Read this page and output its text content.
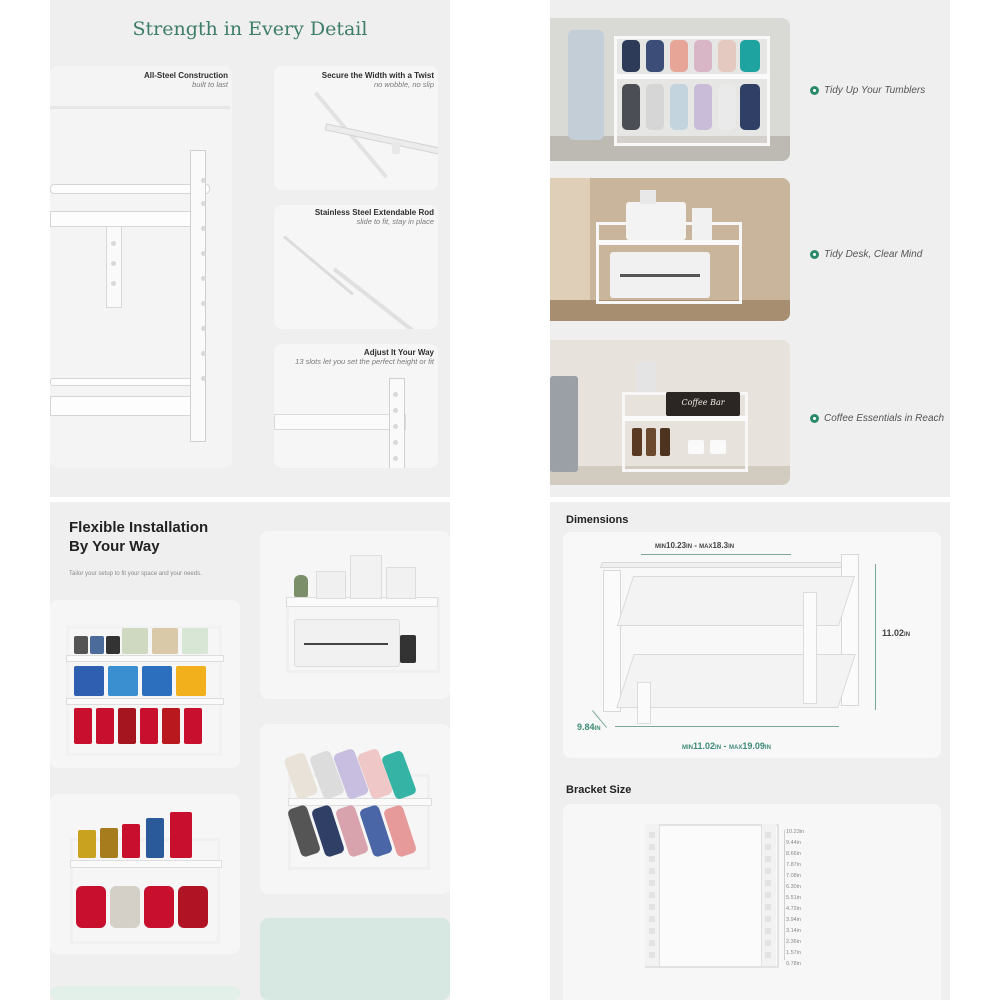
Strength in Every Detail
All-Steel Construction
built to last
Secure the Width with a Twist
no wobble, no slip
Stainless Steel Extendable Rod
slide to fit, stay in place
Adjust It Your Way
13 slots let you set the perfect height or fit
Tidy Up Your Tumblers
Tidy Desk, Clear Mind
Coffee Bar
Coffee Essentials in Reach
Flexible Installation
By Your Way
Tailor your setup to fit your space and your needs.
Dimensions
MIN10.23IN - MAX18.3IN
11.02IN
9.84IN
MIN11.02IN - MAX19.09IN
Bracket Size
10.23in
9.44in
8.66in
7.87in
7.08in
6.30in
5.51in
4.72in
3.94in
3.14in
2.36in
1.57in
0.78in
